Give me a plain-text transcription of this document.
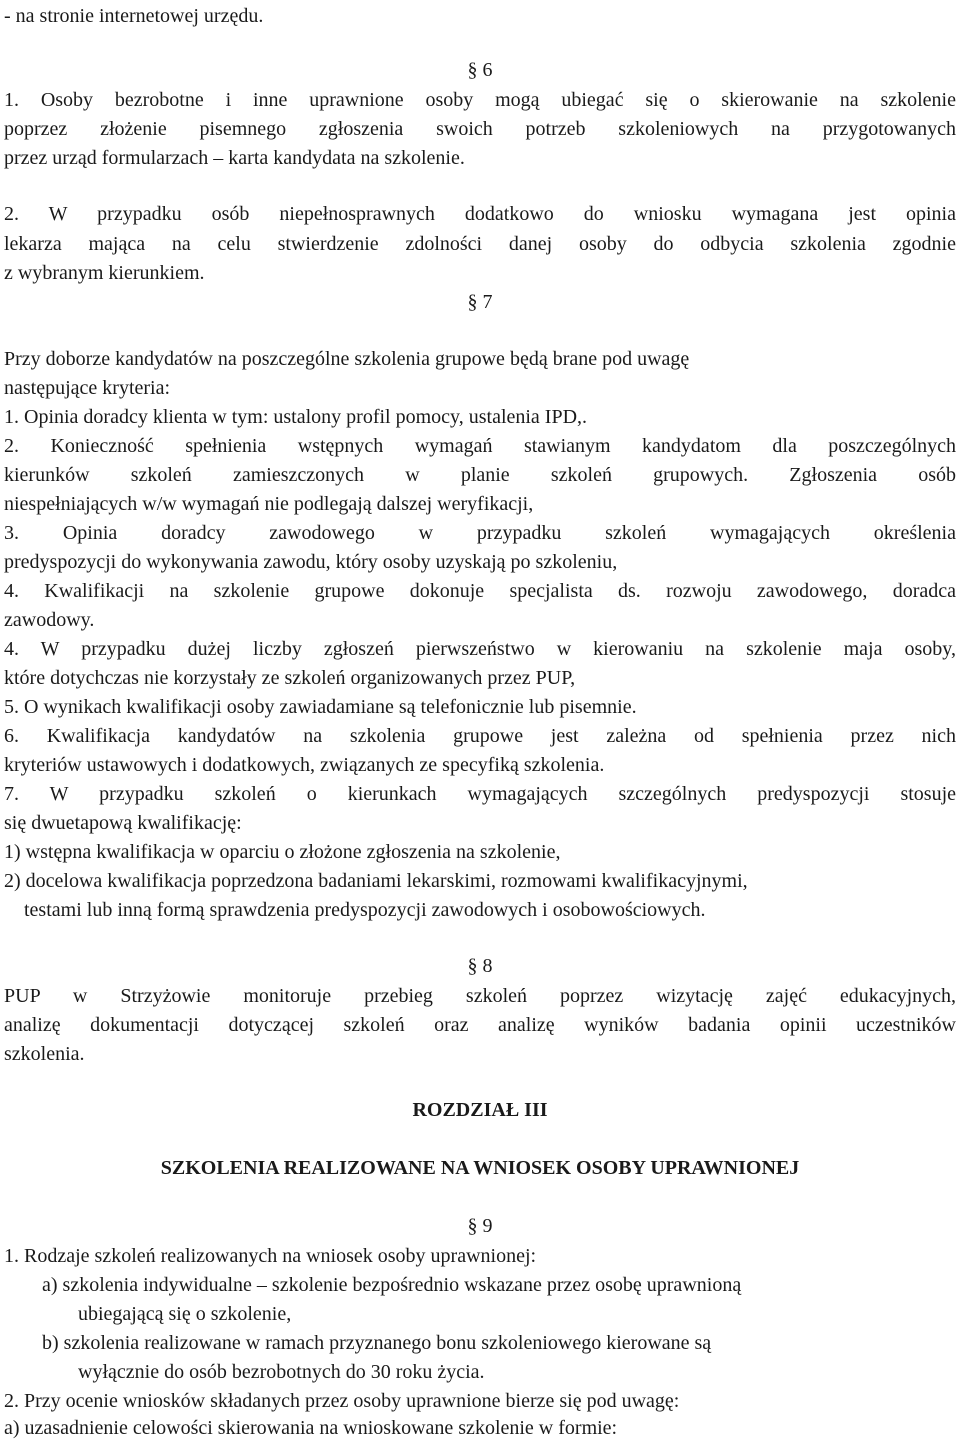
- na stronie internetowej urzędu.
§ 6
1. Osoby bezrobotne i inne uprawnione osoby mogą ubiegać się o skierowanie na szkolenie
poprzez złożenie pisemnego zgłoszenia swoich potrzeb szkoleniowych na przygotowanych
przez urząd formularzach – karta kandydata na szkolenie.
2. W przypadku osób niepełnosprawnych dodatkowo do wniosku wymagana jest opinia
lekarza mająca na celu stwierdzenie zdolności danej osoby do odbycia szkolenia zgodnie
z wybranym kierunkiem.
§ 7
Przy doborze kandydatów na poszczególne szkolenia grupowe będą brane pod uwagę
następujące kryteria:
1. Opinia doradcy klienta w tym: ustalony profil pomocy, ustalenia IPD,.
2. Konieczność spełnienia wstępnych wymagań stawianym kandydatom dla poszczególnych
kierunków szkoleń zamieszczonych w planie szkoleń grupowych. Zgłoszenia osób
niespełniających w/w wymagań nie podlegają dalszej weryfikacji,
3. Opinia doradcy zawodowego w przypadku szkoleń wymagających określenia
predyspozycji do wykonywania zawodu, który osoby uzyskają po szkoleniu,
4. Kwalifikacji na szkolenie grupowe dokonuje specjalista ds. rozwoju zawodowego, doradca
zawodowy.
4. W przypadku dużej liczby zgłoszeń pierwszeństwo w kierowaniu na szkolenie maja osoby,
które dotychczas nie korzystały ze szkoleń organizowanych przez PUP,
5. O wynikach kwalifikacji osoby zawiadamiane są telefonicznie lub pisemnie.
6. Kwalifikacja kandydatów na szkolenia grupowe jest zależna od spełnienia przez nich
kryteriów ustawowych i dodatkowych, związanych ze specyfiką szkolenia.
7. W przypadku szkoleń o kierunkach wymagających szczególnych predyspozycji stosuje
się dwuetapową kwalifikację:
1) wstępna kwalifikacja w oparciu o złożone zgłoszenia na szkolenie,
2) docelowa kwalifikacja poprzedzona badaniami lekarskimi, rozmowami kwalifikacyjnymi,
testami lub inną formą sprawdzenia predyspozycji zawodowych i osobowościowych.
§ 8
PUP w Strzyżowie monitoruje przebieg szkoleń poprzez wizytację zajęć edukacyjnych,
analizę dokumentacji dotyczącej szkoleń oraz analizę wyników badania opinii uczestników
szkolenia.
ROZDZIAŁ III
SZKOLENIA REALIZOWANE NA WNIOSEK OSOBY UPRAWNIONEJ
§ 9
1. Rodzaje szkoleń realizowanych na wniosek osoby uprawnionej:
a) szkolenia indywidualne – szkolenie bezpośrednio wskazane przez osobę uprawnioną
ubiegającą się o szkolenie,
b) szkolenia realizowane w ramach przyznanego bonu szkoleniowego kierowane są
wyłącznie do osób bezrobotnych do 30 roku życia.
2. Przy ocenie wniosków składanych przez osoby uprawnione bierze się pod uwagę:
a) uzasadnienie celowości skierowania na wnioskowane szkolenie w formie:
